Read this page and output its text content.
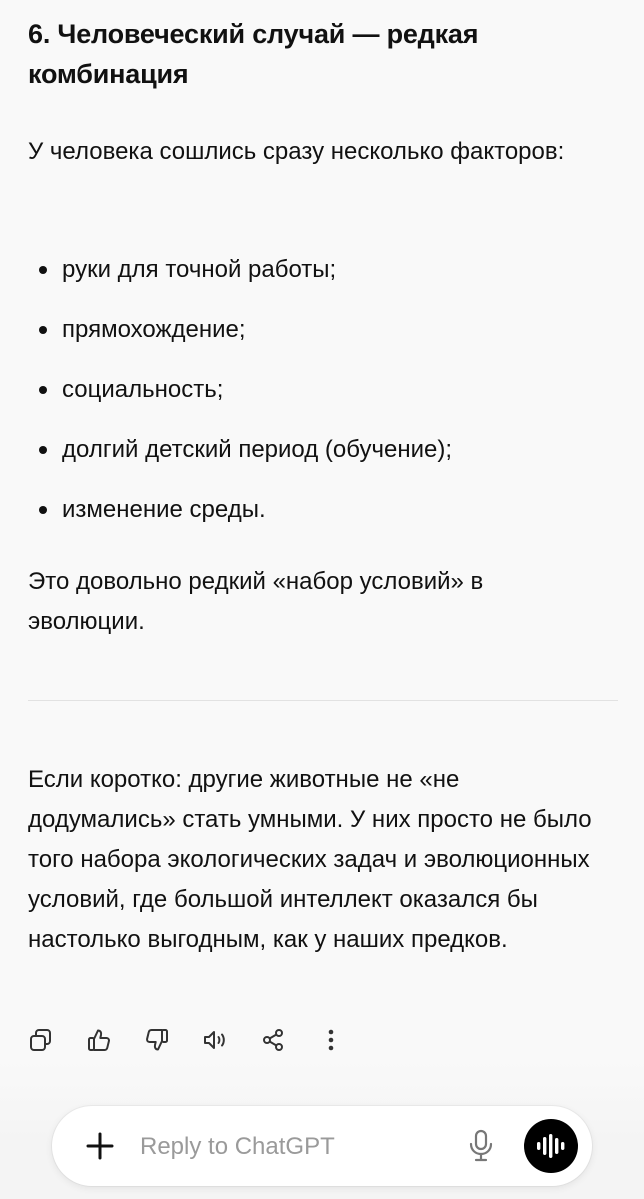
6. Человеческий случай — редкая комбинация

У человека сошлись сразу несколько факторов:

руки для точной работы;
прямохождение;
социальность;
долгий детский период (обучение);
изменение среды.

Это довольно редкий «набор условий» в эволюции.

Если коротко: другие животные не «не додумались» стать умными. У них просто не было того набора экологических задач и эволюционных условий, где большой интеллект оказался бы настолько выгодным, как у наших предков.

Reply to ChatGPT
